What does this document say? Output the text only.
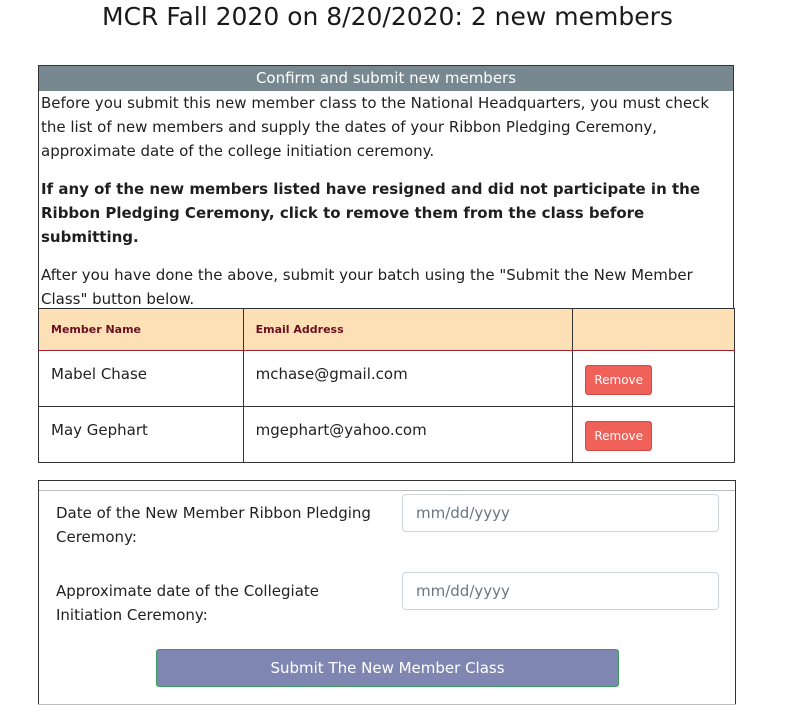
MCR Fall 2020 on 8/20/2020: 2 new members
Confirm and submit new members

Before you submit this new member class to the National Headquarters, you must check the list of new members and supply the dates of your Ribbon Pledging Ceremony, approximate date of the college initiation ceremony.

If any of the new members listed have resigned and did not participate in the Ribbon Pledging Ceremony, click to remove them from the class before submitting.

After you have done the above, submit your batch using the "Submit the New Member Class" button below.

Member Name	Email Address	
Mabel Chase	mchase@gmail.com	Remove
May Gephart	mgephart@yahoo.com	Remove
Date of the New Member Ribbon Pledging Ceremony:
mm/dd/yyyy
Approximate date of the Collegiate Initiation Ceremony:
mm/dd/yyyy
Submit The New Member Class
